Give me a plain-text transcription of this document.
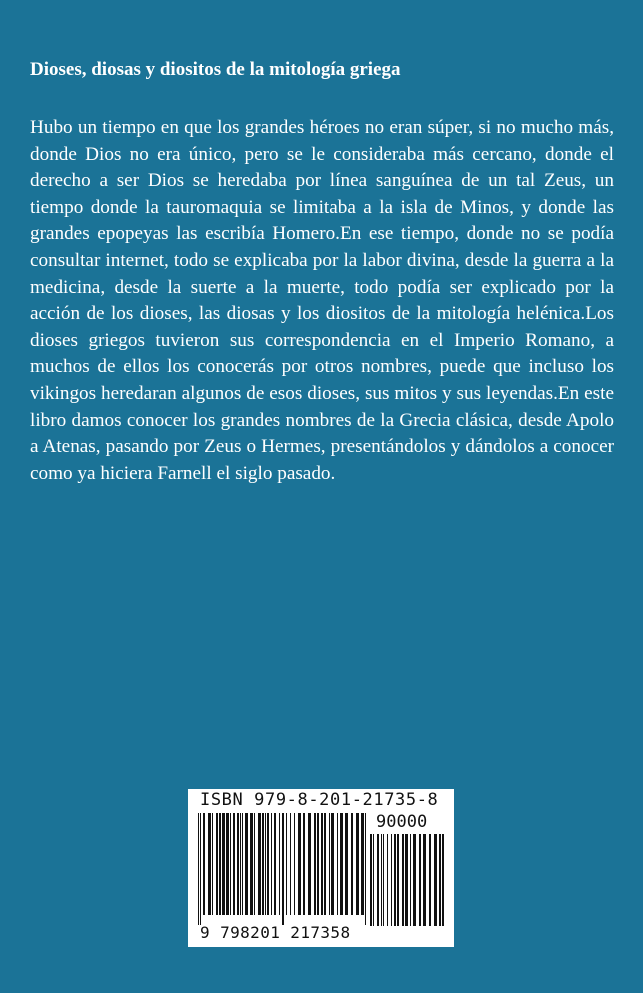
Dioses, diosas y diositos de la mitología griega

Hubo un tiempo en que los grandes héroes no eran súper, si no mucho más, donde Dios no era único, pero se le consideraba más cercano, donde el derecho a ser Dios se heredaba por línea sanguínea de un tal Zeus, un tiempo donde la tauromaquia se limitaba a la isla de Minos, y donde las grandes epopeyas las escribía Homero.En ese tiempo, donde no se podía consultar internet, todo se explicaba por la labor divina, desde la guerra a la medicina, desde la suerte a la muerte, todo podía ser explicado por la acción de los dioses, las diosas y los diositos de la mitología helénica.Los dioses griegos tuvieron sus correspondencia en el Imperio Romano, a muchos de ellos los conocerás por otros nombres, puede que incluso los vikingos heredaran algunos de esos dioses, sus mitos y sus leyendas.En este libro damos conocer los grandes nombres de la Grecia clásica, desde Apolo a Atenas, pasando por Zeus o Hermes, presentándolos y dándolos a conocer como ya hiciera Farnell el siglo pasado.

ISBN 979-8-201-21735-8
90000
9 798201 217358
